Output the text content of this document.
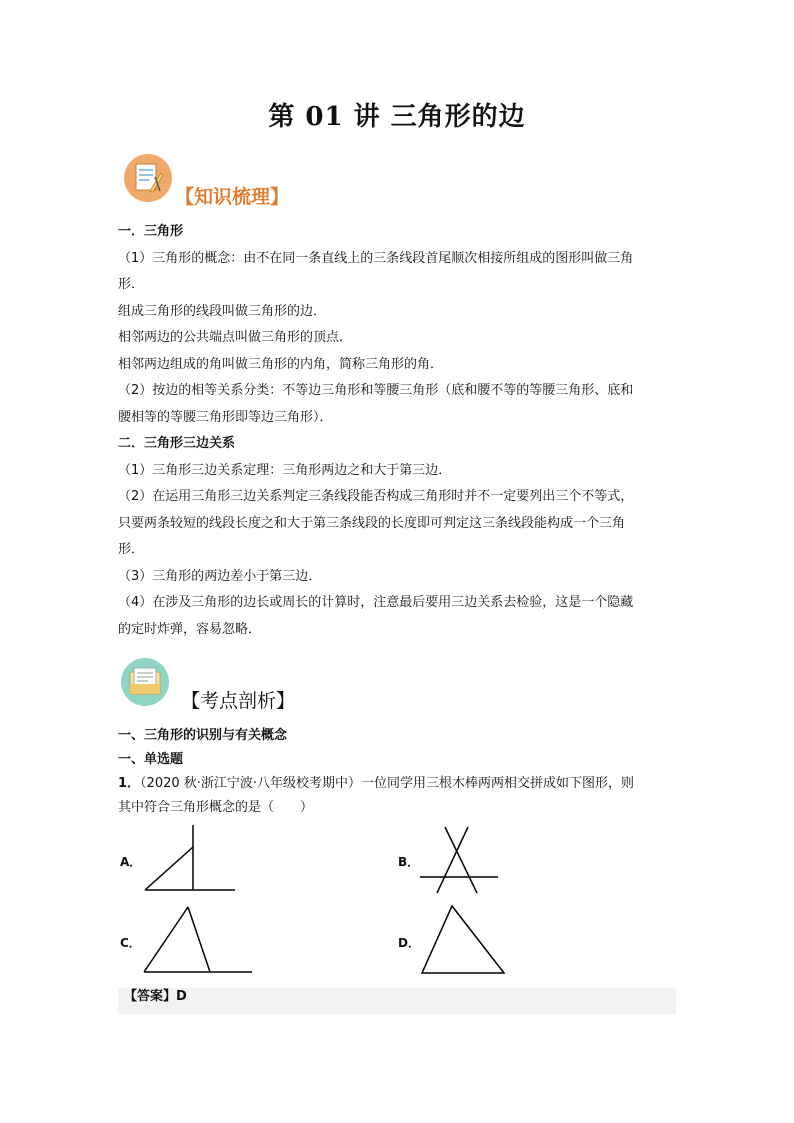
第 01 讲 三角形的边
【知识梳理】

一．三角形

（1）三角形的概念：由不在同一条直线上的三条线段首尾顺次相接所组成的图形叫做三角

形．

组成三角形的线段叫做三角形的边．

相邻两边的公共端点叫做三角形的顶点．

相邻两边组成的角叫做三角形的内角，简称三角形的角．

（2）按边的相等关系分类：不等边三角形和等腰三角形（底和腰不等的等腰三角形、底和

腰相等的等腰三角形即等边三角形）．

二．三角形三边关系

（1）三角形三边关系定理：三角形两边之和大于第三边．

（2）在运用三角形三边关系判定三条线段能否构成三角形时并不一定要列出三个不等式，

只要两条较短的线段长度之和大于第三条线段的长度即可判定这三条线段能构成一个三角

形．

（3）三角形的两边差小于第三边．

（4）在涉及三角形的边长或周长的计算时，注意最后要用三边关系去检验，这是一个隐藏

的定时炸弹，容易忽略．

【考点剖析】

一、三角形的识别与有关概念

一、单选题

1．（2020 秋·浙江宁波·八年级校考期中）一位同学用三根木棒两两相交拼成如下图形，则

其中符合三角形概念的是（　　）

A．	B．
C．	D．
【答案】D
